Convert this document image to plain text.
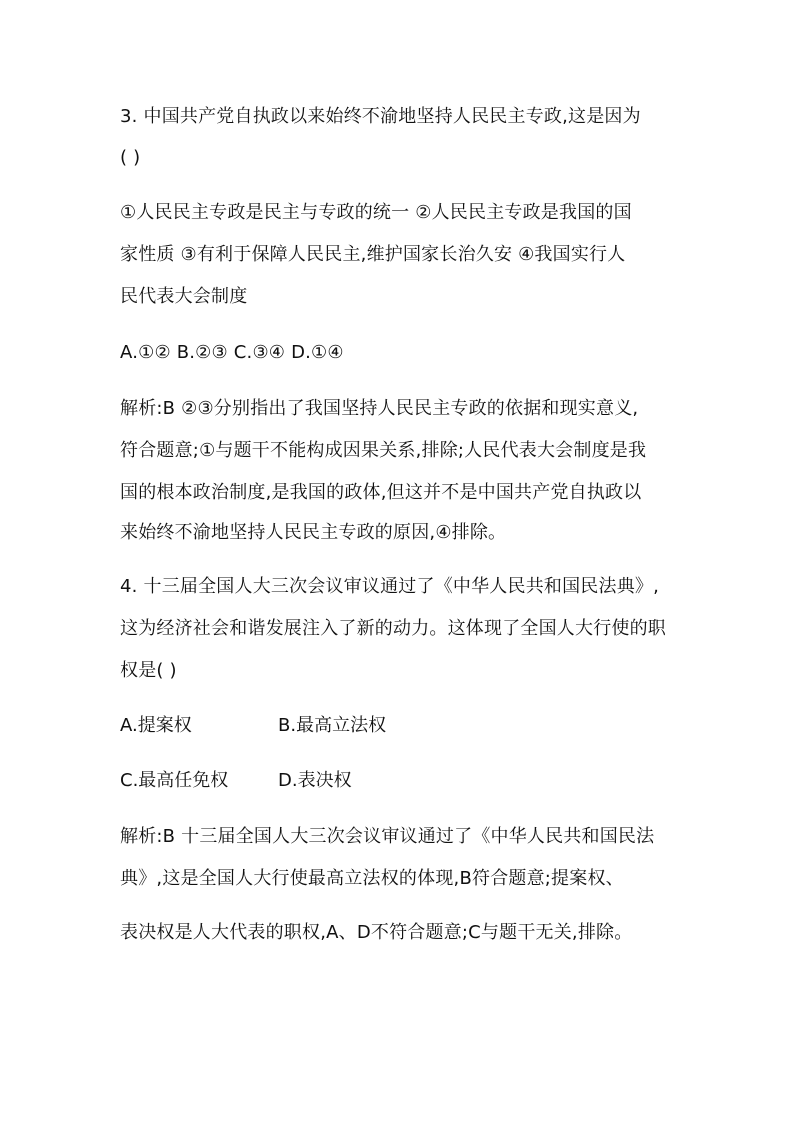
3. 中国共产党自执政以来始终不渝地坚持人民民主专政,这是因为
( )
①人民民主专政是民主与专政的统一 ②人民民主专政是我国的国
家性质 ③有利于保障人民民主,维护国家长治久安 ④我国实行人
民代表大会制度
A.①② B.②③ C.③④ D.①④
解析:B ②③分别指出了我国坚持人民民主专政的依据和现实意义,
符合题意;①与题干不能构成因果关系,排除;人民代表大会制度是我
国的根本政治制度,是我国的政体,但这并不是中国共产党自执政以
来始终不渝地坚持人民民主专政的原因,④排除。
4. 十三届全国人大三次会议审议通过了《中华人民共和国民法典》,
这为经济社会和谐发展注入了新的动力。这体现了全国人大行使的职
权是( )
A.提案权	B.最高立法权
C.最高任免权	D.表决权
解析:B 十三届全国人大三次会议审议通过了《中华人民共和国民法
典》,这是全国人大行使最高立法权的体现,B符合题意;提案权、
表决权是人大代表的职权,A、D不符合题意;C与题干无关,排除。
